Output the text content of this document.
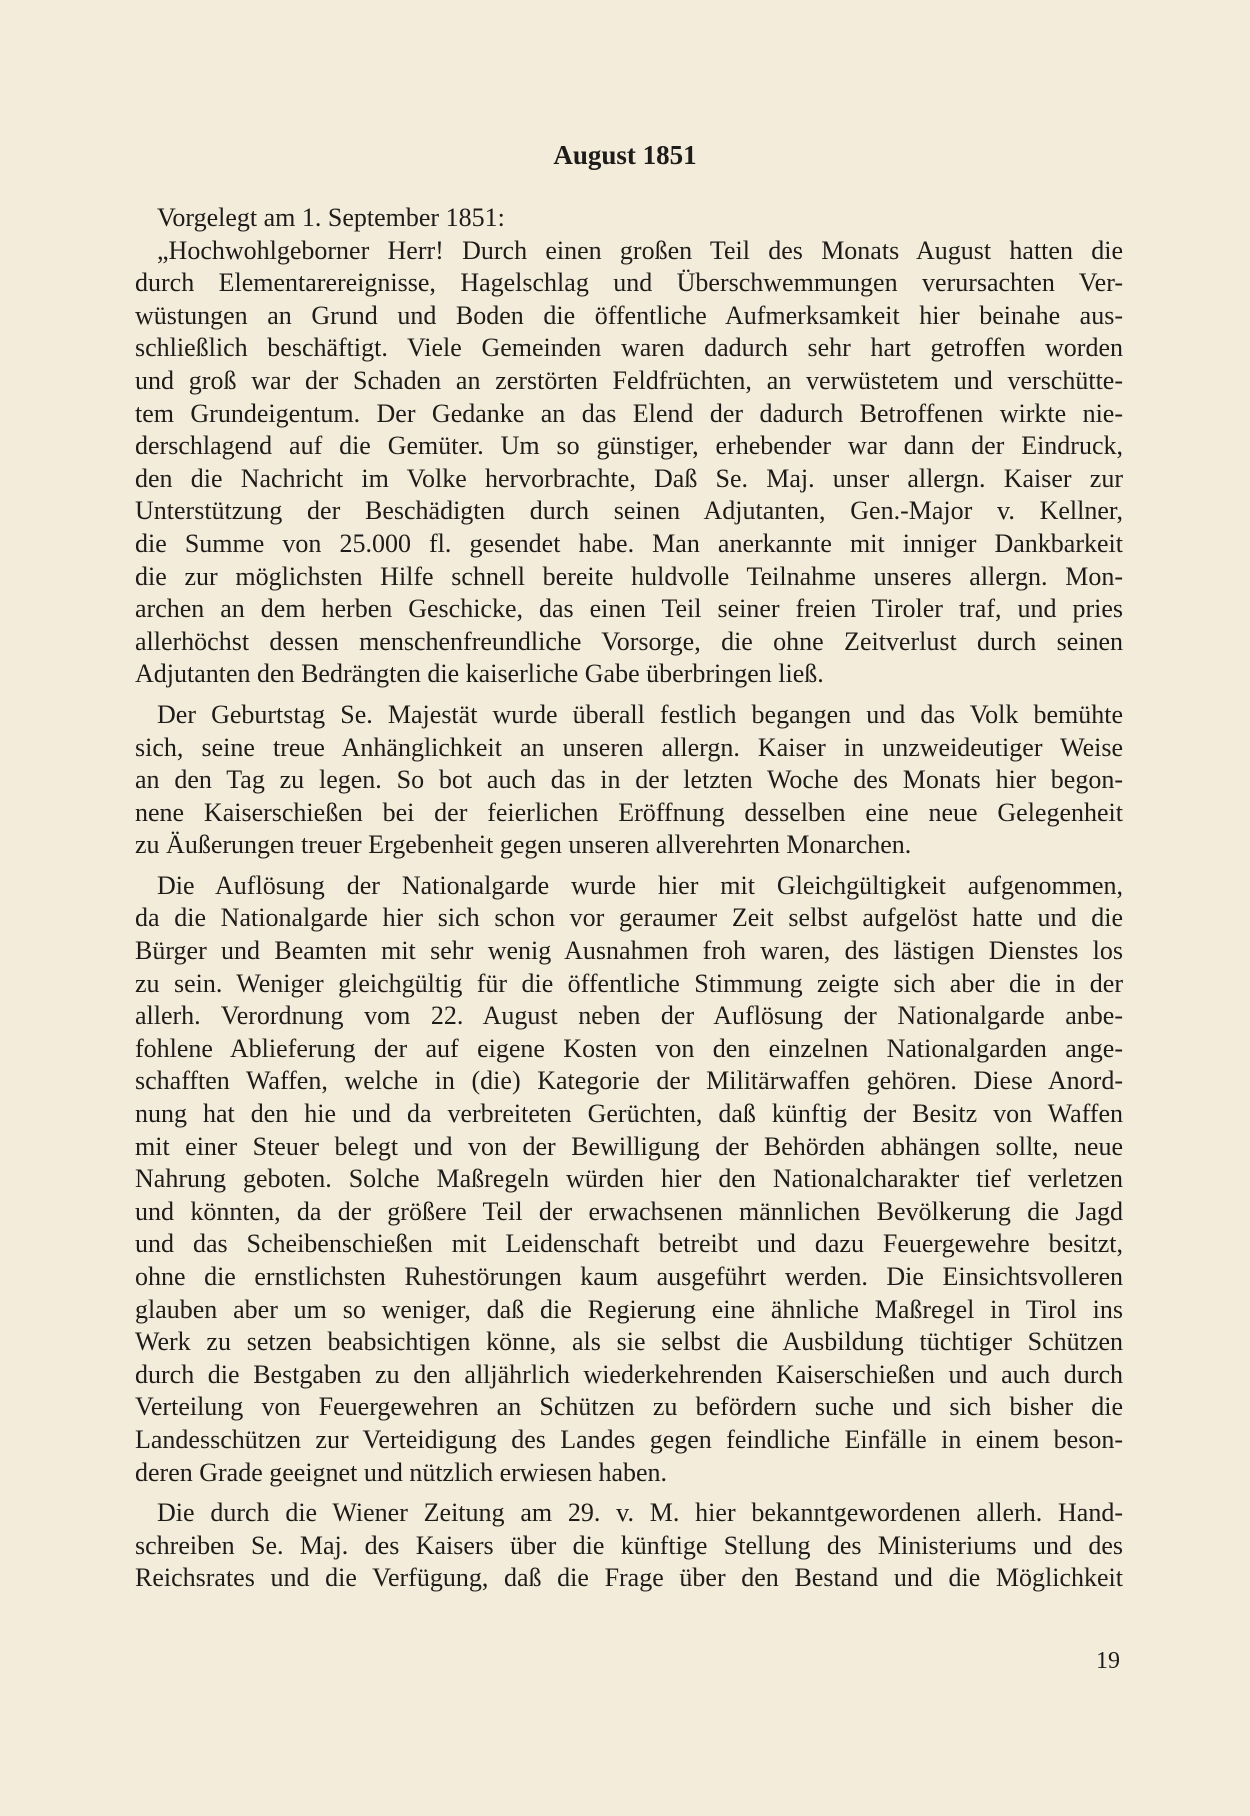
August 1851
Vorgelegt am 1. September 1851:
„Hochwohlgeborner Herr! Durch einen großen Teil des Monats August hatten die
durch Elementarereignisse, Hagelschlag und Überschwemmungen verursachten Ver-
wüstungen an Grund und Boden die öffentliche Aufmerksamkeit hier beinahe aus-
schließlich beschäftigt. Viele Gemeinden waren dadurch sehr hart getroffen worden
und groß war der Schaden an zerstörten Feldfrüchten, an verwüstetem und verschütte-
tem Grundeigentum. Der Gedanke an das Elend der dadurch Betroffenen wirkte nie-
derschlagend auf die Gemüter. Um so günstiger, erhebender war dann der Eindruck,
den die Nachricht im Volke hervorbrachte, Daß Se. Maj. unser allergn. Kaiser zur
Unterstützung der Beschädigten durch seinen Adjutanten, Gen.-Major v. Kellner,
die Summe von 25.000 fl. gesendet habe. Man anerkannte mit inniger Dankbarkeit
die zur möglichsten Hilfe schnell bereite huldvolle Teilnahme unseres allergn. Mon-
archen an dem herben Geschicke, das einen Teil seiner freien Tiroler traf, und pries
allerhöchst dessen menschenfreundliche Vorsorge, die ohne Zeitverlust durch seinen
Adjutanten den Bedrängten die kaiserliche Gabe überbringen ließ.
Der Geburtstag Se. Majestät wurde überall festlich begangen und das Volk bemühte
sich, seine treue Anhänglichkeit an unseren allergn. Kaiser in unzweideutiger Weise
an den Tag zu legen. So bot auch das in der letzten Woche des Monats hier begon-
nene Kaiserschießen bei der feierlichen Eröffnung desselben eine neue Gelegenheit
zu Äußerungen treuer Ergebenheit gegen unseren allverehrten Monarchen.
Die Auflösung der Nationalgarde wurde hier mit Gleichgültigkeit aufgenommen,
da die Nationalgarde hier sich schon vor geraumer Zeit selbst aufgelöst hatte und die
Bürger und Beamten mit sehr wenig Ausnahmen froh waren, des lästigen Dienstes los
zu sein. Weniger gleichgültig für die öffentliche Stimmung zeigte sich aber die in der
allerh. Verordnung vom 22. August neben der Auflösung der Nationalgarde anbe-
fohlene Ablieferung der auf eigene Kosten von den einzelnen Nationalgarden ange-
schafften Waffen, welche in (die) Kategorie der Militärwaffen gehören. Diese Anord-
nung hat den hie und da verbreiteten Gerüchten, daß künftig der Besitz von Waffen
mit einer Steuer belegt und von der Bewilligung der Behörden abhängen sollte, neue
Nahrung geboten. Solche Maßregeln würden hier den Nationalcharakter tief verletzen
und könnten, da der größere Teil der erwachsenen männlichen Bevölkerung die Jagd
und das Scheibenschießen mit Leidenschaft betreibt und dazu Feuergewehre besitzt,
ohne die ernstlichsten Ruhestörungen kaum ausgeführt werden. Die Einsichtsvolleren
glauben aber um so weniger, daß die Regierung eine ähnliche Maßregel in Tirol ins
Werk zu setzen beabsichtigen könne, als sie selbst die Ausbildung tüchtiger Schützen
durch die Bestgaben zu den alljährlich wiederkehrenden Kaiserschießen und auch durch
Verteilung von Feuergewehren an Schützen zu befördern suche und sich bisher die
Landesschützen zur Verteidigung des Landes gegen feindliche Einfälle in einem beson-
deren Grade geeignet und nützlich erwiesen haben.
Die durch die Wiener Zeitung am 29. v. M. hier bekanntgewordenen allerh. Hand-
schreiben Se. Maj. des Kaisers über die künftige Stellung des Ministeriums und des
Reichsrates und die Verfügung, daß die Frage über den Bestand und die Möglichkeit
19
